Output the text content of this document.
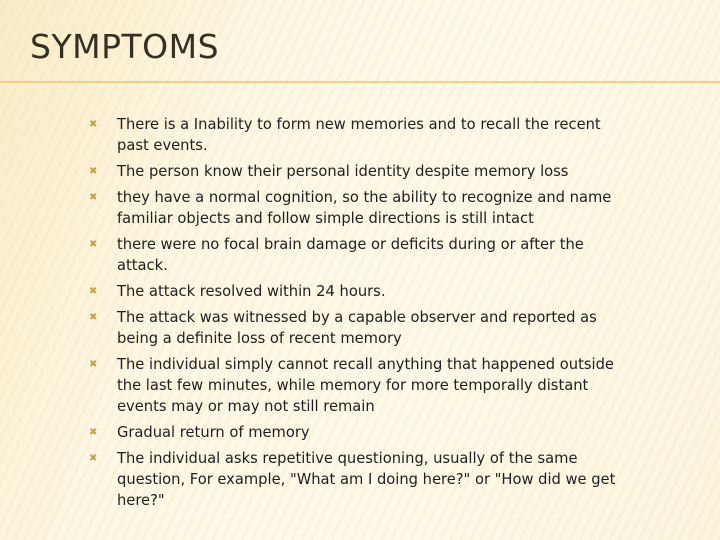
SYMPTOMS
✖ There is a Inability to form new memories and to recall the recent past events.
✖ The person know their personal identity despite memory loss
✖ they have a normal cognition, so the ability to recognize and name familiar objects and follow simple directions is still intact
✖ there were no focal brain damage or deficits during or after the attack.
✖ The attack resolved within 24 hours.
✖ The attack was witnessed by a capable observer and reported as being a definite loss of recent memory
✖ The individual simply cannot recall anything that happened outside the last few minutes, while memory for more temporally distant events may or may not still remain
✖ Gradual return of memory
✖ The individual asks repetitive questioning, usually of the same question, For example, "What am I doing here?" or "How did we get here?"
